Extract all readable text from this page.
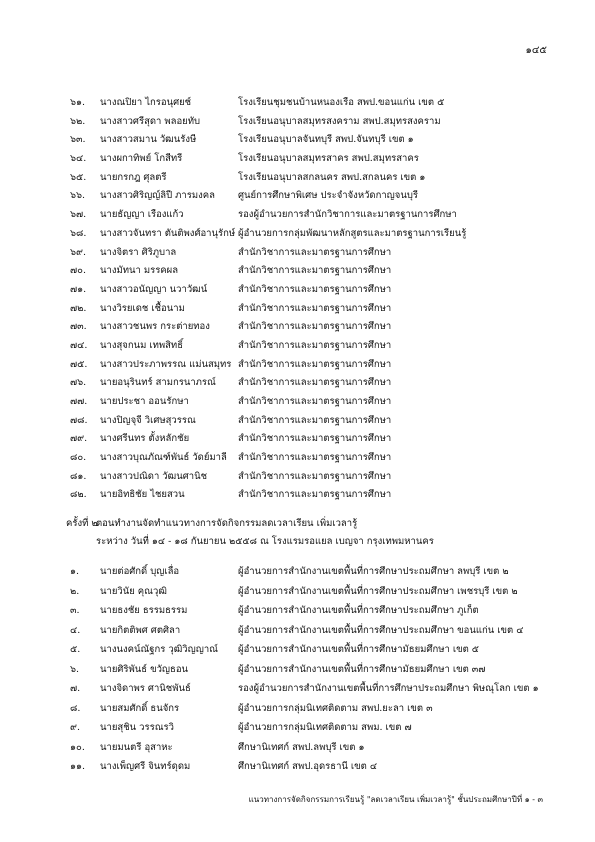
๑๔๕
๖๑. นางณปิยา ไกรอนุศยช์	โรงเรียนชุมชนบ้านหนองเรือ สพป.ขอนแก่น เขต ๕
๖๒. นางสาวศรีสุดา พลอยทับ	โรงเรียนอนุบาลสมุทรสงคราม สพป.สมุทรสงคราม
๖๓. นางสาวสมาน วัฒนรังษี	โรงเรียนอนุบาลจันทบุรี สพป.จันทบุรี เขต ๑
๖๔. นางผกาทิพย์ โกสีทรี	โรงเรียนอนุบาลสมุทรสาคร สพป.สมุทรสาคร
๖๕. นายกรกฎ ศุลตรี	โรงเรียนอนุบาลสกลนคร สพป.สกลนคร เขต ๑
๖๖. นางสาวศิริญญ์ลิปี ภารมงคล ศูนย์การศึกษาพิเศษ ประจำจังหวัดกาญจนบุรี
๖๗. นายธัญญา เรืองแก้ว	รองผู้อำนวยการสำนักวิชาการและมาตรฐานการศึกษา
๖๘. นางสาวจันทรา ตันติพงศ์อานุรักษ์ ผู้อำนวยการกลุ่มพัฒนาหลักสูตรและมาตรฐานการเรียนรู้
๖๙. นางจิตรา ศิริภูบาล	สำนักวิชาการและมาตรฐานการศึกษา
๗๐. นางมัทนา มรรคผล	สำนักวิชาการและมาตรฐานการศึกษา
๗๑. นางสาวอนัญญา นวาวัฒน์	สำนักวิชาการและมาตรฐานการศึกษา
๗๒. นางวิรยเดช เชื้อนาม	สำนักวิชาการและมาตรฐานการศึกษา
๗๓. นางสาวชนพร กระต่ายทอง	สำนักวิชาการและมาตรฐานการศึกษา
๗๔. นางสุจกนม เทพสิทธิ์	สำนักวิชาการและมาตรฐานการศึกษา
๗๕. นางสาวประภาพรรณ แม่นสมุทร สำนักวิชาการและมาตรฐานการศึกษา
๗๖. นายอนุรินทร์ สามกรนาภรณ์ สำนักวิชาการและมาตรฐานการศึกษา
๗๗. นายประชา ออนรักษา	สำนักวิชาการและมาตรฐานการศึกษา
๗๘. นางปิญจุจี วิเศษสุวรรณ	สำนักวิชาการและมาตรฐานการศึกษา
๗๙. นางศรีนทร ตั้งหลักชัย	สำนักวิชาการและมาตรฐานการศึกษา
๘๐. นางสาวบุณภัณฑ์พันธ์ วัดย์มาลี สำนักวิชาการและมาตรฐานการศึกษา
๘๑. นางสาวปณิดา วัฒนศานิช	สำนักวิชาการและมาตรฐานการศึกษา
๘๒. นายอิทธิชัย ไชยสวน	สำนักวิชาการและมาตรฐานการศึกษา
ครั้งที่ ๒
ตอนทำงานจัดทำแนวทางการจัดกิจกรรมลดเวลาเรียน เพิ่มเวลารู้
ระหว่าง วันที่ ๑๔ - ๑๘ กันยายน ๒๕๕๘ ณ โรงแรมรอแยล เบญจา กรุงเทพมหานคร
๑. นายต่อศักดิ์ บุญเลื่อ	ผู้อำนวยการสำนักงานเขตพื้นที่การศึกษาประถมศึกษา ลพบุรี เขต ๒
๒. นายวินัย คุณวุฒิ	ผู้อำนวยการสำนักงานเขตพื้นที่การศึกษาประถมศึกษา เพชรบุรี เขต ๒
๓. นายธงชัย ธรรมธรรม	ผู้อำนวยการสำนักงานเขตพื้นที่การศึกษาประถมศึกษา ภูเก็ต
๔. นายกิตติพศ ศตศิลา	ผู้อำนวยการสำนักงานเขตพื้นที่การศึกษาประถมศึกษา ขอนแก่น เขต ๔
๕. นางนงคน์ณัฐกร วุฒิวิญญาณ์ ผู้อำนวยการสำนักงานเขตพื้นที่การศึกษามัธยมศึกษา เขต ๕
๖. นายศิริพันธ์ ขวัญธอน	ผู้อำนวยการสำนักงานเขตพื้นที่การศึกษามัธยมศึกษา เขต ๓๗
๗. นางจิดาพร ศานิชพันธ์	รองผู้อำนวยการสำนักงานเขตพื้นที่การศึกษาประถมศึกษา พิษณุโลก เขต ๑
๘. นายสมศักดิ์ ธนจักร	ผู้อำนวยการกลุ่มนิเทศติดตาม สพป.ยะลา เขต ๓
๙. นายสุชิน วรรณรวิ	ผู้อำนวยการกลุ่มนิเทศติดตาม สพม. เขต ๗
๑๐. นายมนตรี อุสาหะ	ศึกษานิเทศก์ สพป.ลพบุรี เขต ๑
๑๑. นางเพ็ญศรี จินทร์ดุดม	ศึกษานิเทศก์ สพป.อุดรธานี เขต ๔
แนวทางการจัดกิจกรรมการเรียนรู้ "ลดเวลาเรียน เพิ่มเวลารู้" ชั้นประถมศึกษาปีที่ ๑ - ๓
